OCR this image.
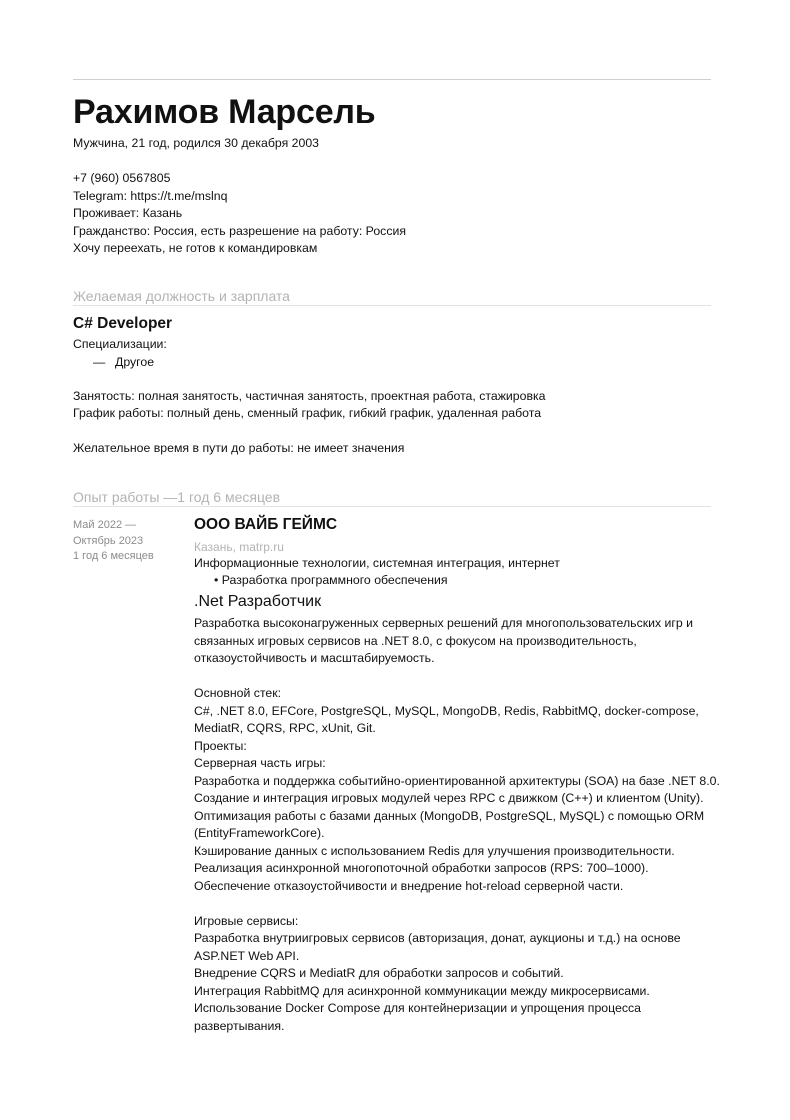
Рахимов Марсель
Мужчина, 21 год, родился 30 декабря 2003
+7 (960) 0567805
Telegram: https://t.me/mslnq
Проживает: Казань
Гражданство: Россия, есть разрешение на работу: Россия
Хочу переехать, не готов к командировкам
Желаемая должность и зарплата
C# Developer
Специализации:
— Другое
Занятость: полная занятость, частичная занятость, проектная работа, стажировка
График работы: полный день, сменный график, гибкий график, удаленная работа
Желательное время в пути до работы: не имеет значения
Опыт работы —1 год 6 месяцев
Май 2022 —
Октябрь 2023
1 год 6 месяцев
ООО ВАЙБ ГЕЙМС
Казань, matrp.ru
Информационные технологии, системная интеграция, интернет
• Разработка программного обеспечения
.Net Разработчик
Разработка высоконагруженных серверных решений для многопользовательских игр и
связанных игровых сервисов на .NET 8.0, с фокусом на производительность,
отказоустойчивость и масштабируемость.
Основной стек:
C#, .NET 8.0, EFCore, PostgreSQL, MySQL, MongoDB, Redis, RabbitMQ, docker-compose,
MediatR, CQRS, RPC, xUnit, Git.
Проекты:
Серверная часть игры:
Разработка и поддержка событийно-ориентированной архитектуры (SOA) на базе .NET 8.0.
Создание и интеграция игровых модулей через RPC с движком (C++) и клиентом (Unity).
Оптимизация работы с базами данных (MongoDB, PostgreSQL, MySQL) с помощью ORM
(EntityFrameworkCore).
Кэширование данных с использованием Redis для улучшения производительности.
Реализация асинхронной многопоточной обработки запросов (RPS: 700–1000).
Обеспечение отказоустойчивости и внедрение hot-reload серверной части.
Игровые сервисы:
Разработка внутриигровых сервисов (авторизация, донат, аукционы и т.д.) на основе
ASP.NET Web API.
Внедрение CQRS и MediatR для обработки запросов и событий.
Интеграция RabbitMQ для асинхронной коммуникации между микросервисами.
Использование Docker Compose для контейнеризации и упрощения процесса
развертывания.
